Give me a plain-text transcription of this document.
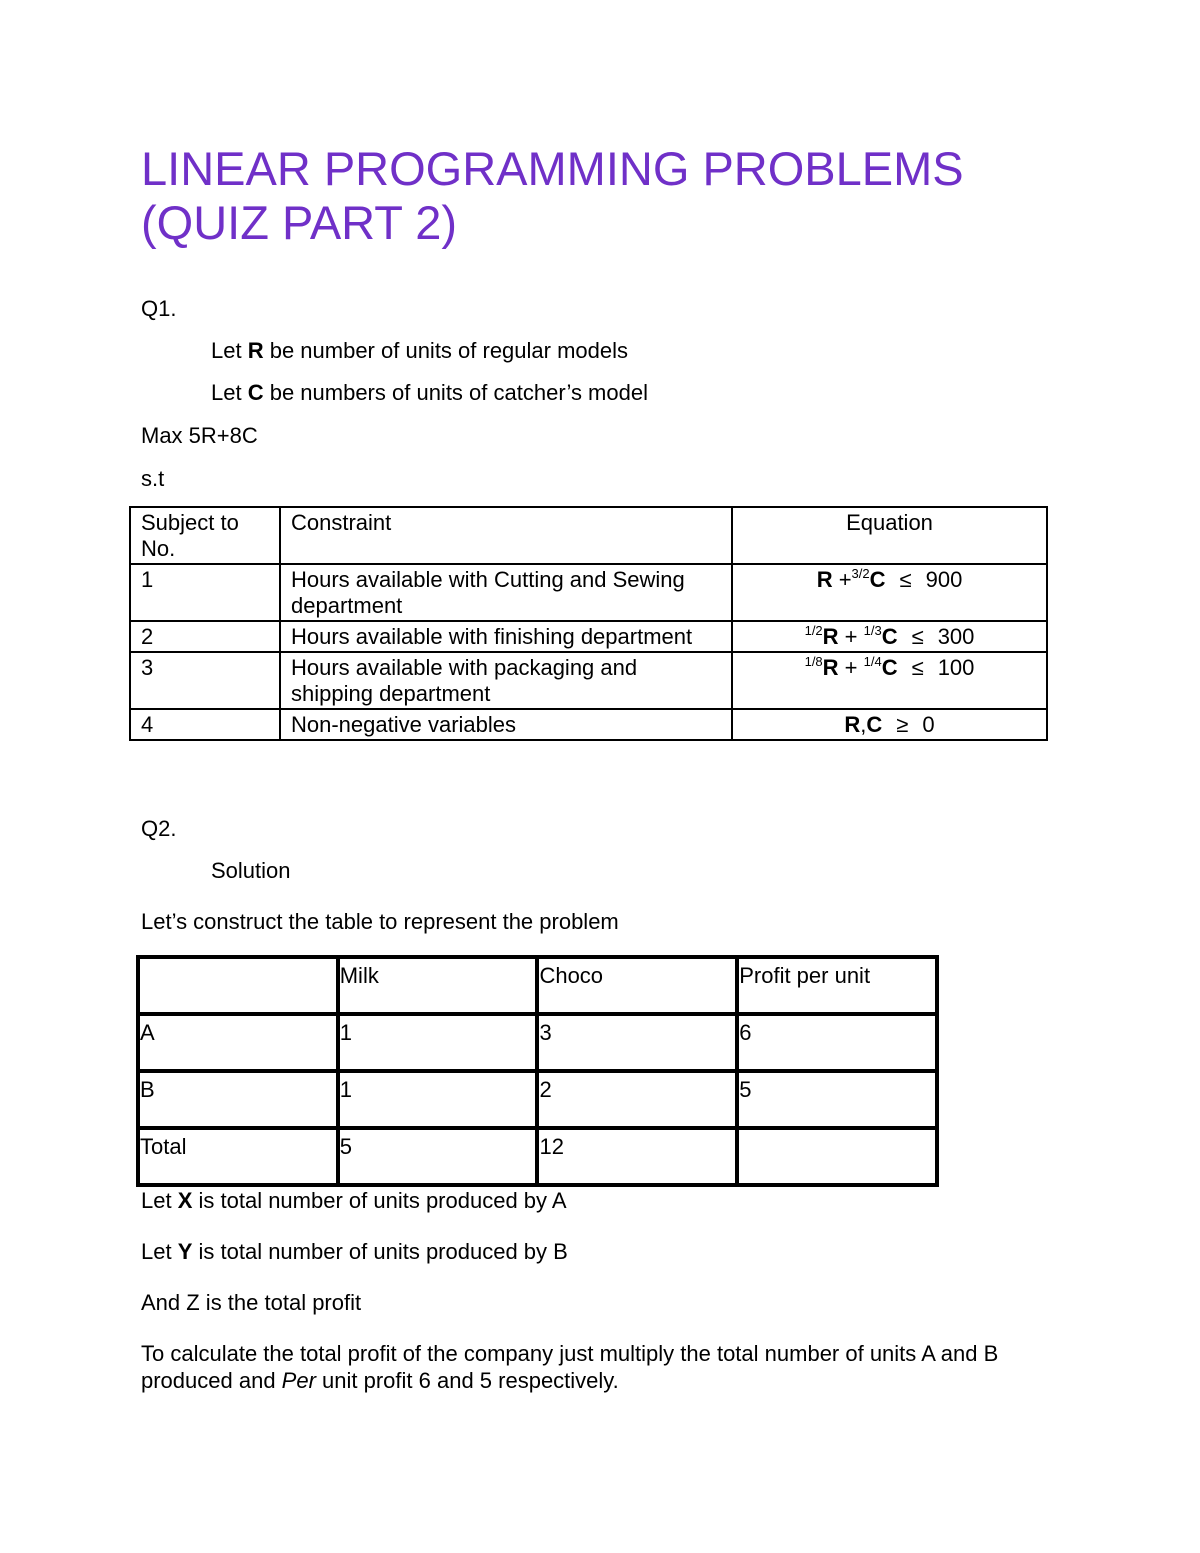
LINEAR PROGRAMMING PROBLEMS (QUIZ PART 2)
Q1.
Let R be number of units of regular models
Let C be numbers of units of catcher’s model
Max 5R+8C
s.t
Subject to No.	Constraint	Equation
1	Hours available with Cutting and Sewing department	R +$^{3/2}$C ≤ 900
2	Hours available with finishing department	$^{1/2}$R + $^{1/3}$C ≤ 300
3	Hours available with packaging and shipping department	$^{1/8}$R + $^{1/4}$C ≤ 100
4	Non-negative variables	R,C ≥ 0
Q2.
Solution
Let’s construct the table to represent the problem
	Milk	Choco	Profit per unit
A	1	3	6
B	1	2	5
Total	5	12	
Let X is total number of units produced by A
Let Y is total number of units produced by B
And Z is the total profit
To calculate the total profit of the company just multiply the total number of units A and B
produced and Per unit profit 6 and 5 respectively.
